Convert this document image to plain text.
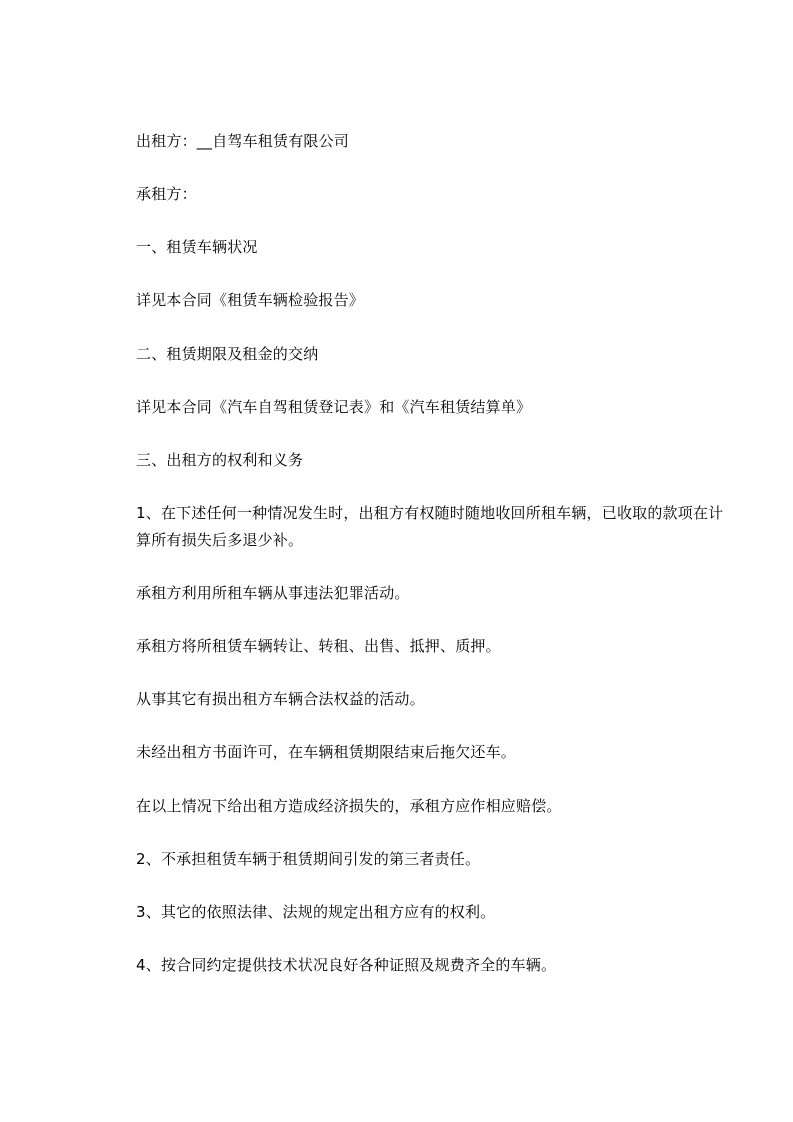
出租方：__自驾车租赁有限公司

承租方：

一、租赁车辆状况

详见本合同《租赁车辆检验报告》

二、租赁期限及租金的交纳

详见本合同《汽车自驾租赁登记表》和《汽车租赁结算单》

三、出租方的权利和义务

1、在下述任何一种情况发生时，出租方有权随时随地收回所租车辆，已收取的款项在计算所有损失后多退少补。

承租方利用所租车辆从事违法犯罪活动。

承租方将所租赁车辆转让、转租、出售、抵押、质押。

从事其它有损出租方车辆合法权益的活动。

未经出租方书面许可，在车辆租赁期限结束后拖欠还车。

在以上情况下给出租方造成经济损失的，承租方应作相应赔偿。

2、不承担租赁车辆于租赁期间引发的第三者责任。

3、其它的依照法律、法规的规定出租方应有的权利。

4、按合同约定提供技术状况良好各种证照及规费齐全的车辆。
